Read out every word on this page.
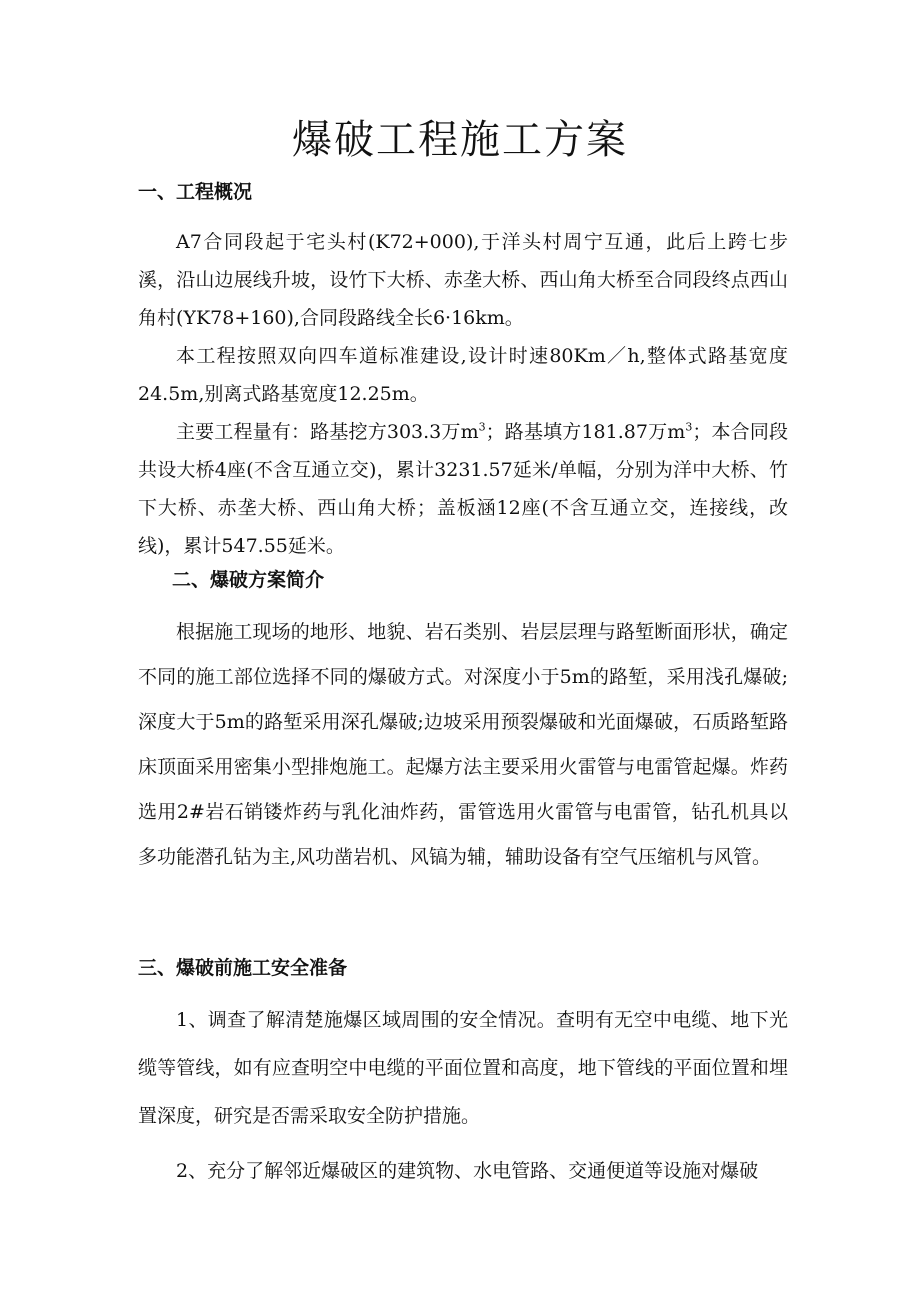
爆破工程施工方案
一、工程概况

A7合同段起于宅头村(K72+000),于洋头村周宁互通，此后上跨七步溪，沿山边展线升坡，设竹下大桥、赤垄大桥、西山角大桥至合同段终点西山角村(YK78+160),合同段路线全长6·16km。

本工程按照双向四车道标准建设,设计时速80Km／h,整体式路基宽度24.5m,别离式路基宽度12.25m。

主要工程量有：路基挖方303.3万$m^3$；路基填方181.87万$m^3$；本合同段共设大桥4座(不含互通立交)，累计3231.57延米/单幅，分别为洋中大桥、竹下大桥、赤垄大桥、西山角大桥；盖板涵12座(不含互通立交，连接线，改线)，累计547.55延米。

二、爆破方案简介

根据施工现场的地形、地貌、岩石类别、岩层层理与路堑断面形状，确定不同的施工部位选择不同的爆破方式。对深度小于5m的路堑，采用浅孔爆破;深度大于5m的路堑采用深孔爆破;边坡采用预裂爆破和光面爆破，石质路堑路床顶面采用密集小型排炮施工。起爆方法主要采用火雷管与电雷管起爆。炸药选用2#岩石销镂炸药与乳化油炸药，雷管选用火雷管与电雷管，钻孔机具以多功能潜孔钻为主,风功凿岩机、风镐为辅，辅助设备有空气压缩机与风管。

三、爆破前施工安全准备

1、调查了解清楚施爆区域周围的安全情况。查明有无空中电缆、地下光缆等管线，如有应查明空中电缆的平面位置和高度，地下管线的平面位置和埋置深度，研究是否需采取安全防护措施。

2、充分了解邻近爆破区的建筑物、水电管路、交通便道等设施对爆破
